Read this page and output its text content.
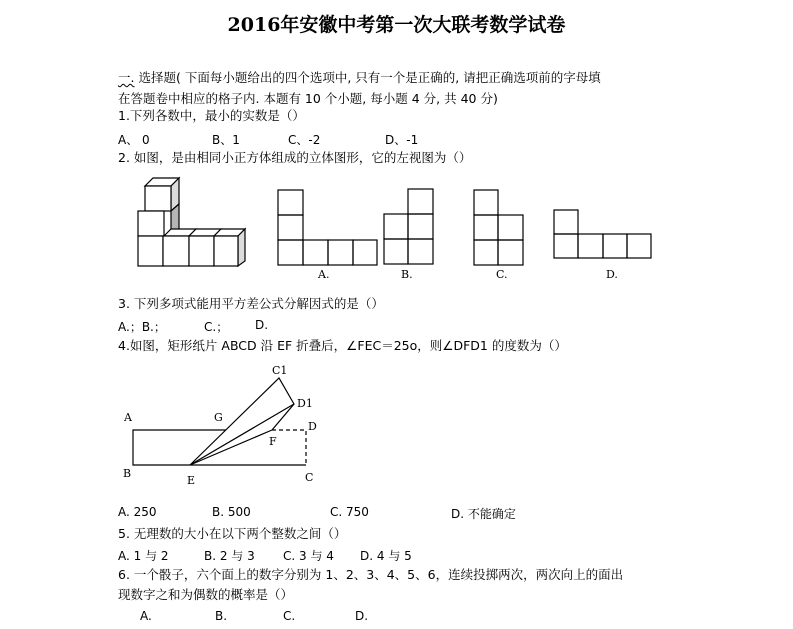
2016年安徽中考第一次大联考数学试卷
一. 选择题( 下面每小题给出的四个选项中, 只有一个是正确的, 请把正确选项前的字母填
在答题卷中相应的格子内. 本题有 10 个小题, 每小题 4 分, 共 40 分)
1.下列各数中，最小的实数是（）
A、 0	B、1	C、-2	D、-1
2. 如图，是由相同小正方体组成的立体图形，它的左视图为（）
A.	B.	C.	D.
3. 下列多项式能用平方差公式分解因式的是（）
A.；B.；	C.； D.
4.如图，矩形纸片 ABCD 沿 EF 折叠后，∠FEC＝25o，则∠DFD1 的度数为（）
C1
D1
A	G
D
F
B
E	C
A. 250	B. 500	C. 750	D. 不能确定
5. 无理数的大小在以下两个整数之间（）
A. 1 与 2	B. 2 与 3 C. 3 与 4 D. 4 与 5
6. 一个骰子，六个面上的数字分别为 1、2、3、4、5、6，连续投掷两次，两次向上的面出
现数字之和为偶数的概率是（）
A.	B.	C.	D.
